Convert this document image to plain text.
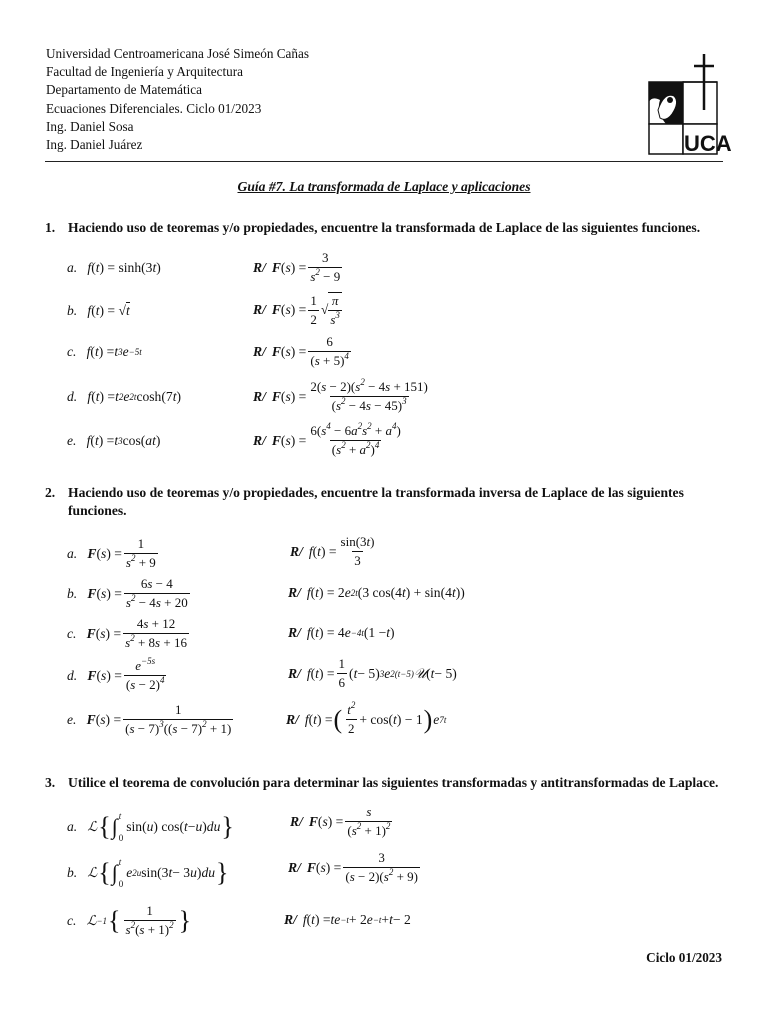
Universidad Centroamericana José Simeón Cañas
Facultad de Ingeniería y Arquitectura
Departamento de Matemática
Ecuaciones Diferenciales. Ciclo 01/2023
Ing. Daniel Sosa
Ing. Daniel Juárez	UCA
Guía #7. La transformada de Laplace y aplicaciones
1. Haciendo uso de teoremas y/o propiedades, encuentre la transformada de Laplace de las siguientes funciones.
a.
f ( t ) = sinh(3 t )	R/ F ( s ) = $\frac{3}{s^2 - 9}$
b.
f ( t ) = √ t	R/ F ( s ) = $\frac{1}{2}$ √ $\frac{\pi}{s^3}$
c.
f ( t ) = t 3 e −5t	R/ F ( s ) = $\frac{6}{(s + 5)^4}$
d.
f ( t ) = t 2 e 2t cosh(7 t )	R/ F ( s ) = $\frac{2(s - 2)(s^2 - 4s + 151)}{(s^2 - 4s - 45)^3}$
e.
f ( t ) = t 3 cos( at )	R/ F ( s ) = $\frac{6(s^4 - 6a^2s^2 + a^4)}{(s^2 + a^2)^4}$
2. Haciendo uso de teoremas y/o propiedades, encuentre la transformada inversa de Laplace de las siguientes funciones.
a.
F ( s ) = $\frac{1}{s^2 + 9}$	R/ f ( t ) = $\frac{\sin(3t)}{3}$
b.
F ( s ) = $\frac{6s - 4}{s^2 - 4s + 20}$	R/ f ( t ) = 2 e 2t (3 cos(4 t ) + sin(4 t ))
c.
F ( s ) = $\frac{4s + 12}{s^2 + 8s + 16}$	R/ f ( t ) = 4 e −4t (1 − t )
d.
F ( s ) = $\frac{e^{-5s}}{(s - 2)^4}$	R/ f ( t ) = $\frac{1}{6}$ ( t − 5) 3 e 2(t−5) 𝒰 ( t − 5)
e.
F ( s ) = $\frac{1}{(s - 7)^3((s - 7)^2 + 1)}$	R/ f ( t ) = ( $\frac{t^2}{2} + \cos$( t ) − 1 ) e 7t
3. Utilice el teorema de convolución para determinar las siguientes transformadas y antitransformadas de Laplace.
a.
ℒ { ∫ t
0
sin( u ) cos( t − u ) du }	R/ F ( s ) = $\frac{s}{(s^2 + 1)^2}$
b.
ℒ { ∫ t
0
e 2u sin(3 t − 3 u ) du }	R/ F ( s ) = $\frac{3}{(s - 2)(s^2 + 9)}$
c.
ℒ −1 { $\frac{1}{s^2(s + 1)^2}$ }	R/ f ( t ) = te −t + 2 e −t + t − 2
Ciclo 01/2023
